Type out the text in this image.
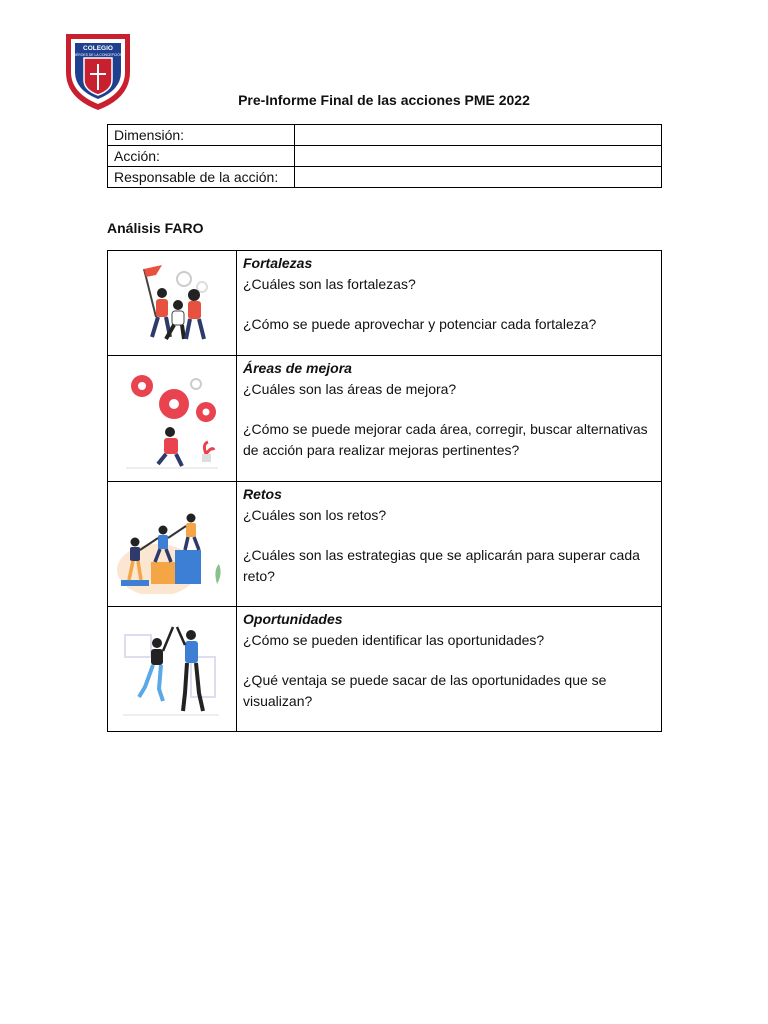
COLEGIO
HÉROES DE LA CONCEPCIÓN
Pre-Informe Final de las acciones PME 2022
Dimensión:	
Acción:	
Responsable de la acción:	
Análisis FARO

Fortalezas
¿Cuáles son las fortalezas?
¿Cómo se puede aprovechar y potenciar cada fortaleza?

Áreas de mejora
¿Cuáles son las áreas de mejora?
¿Cómo se puede mejorar cada área, corregir, buscar alternativas de acción para realizar mejoras pertinentes?

Retos
¿Cuáles son los retos?
¿Cuáles son las estrategias que se aplicarán para superar cada reto?

Oportunidades
¿Cómo se pueden identificar las oportunidades?
¿Qué ventaja se puede sacar de las oportunidades que se visualizan?
